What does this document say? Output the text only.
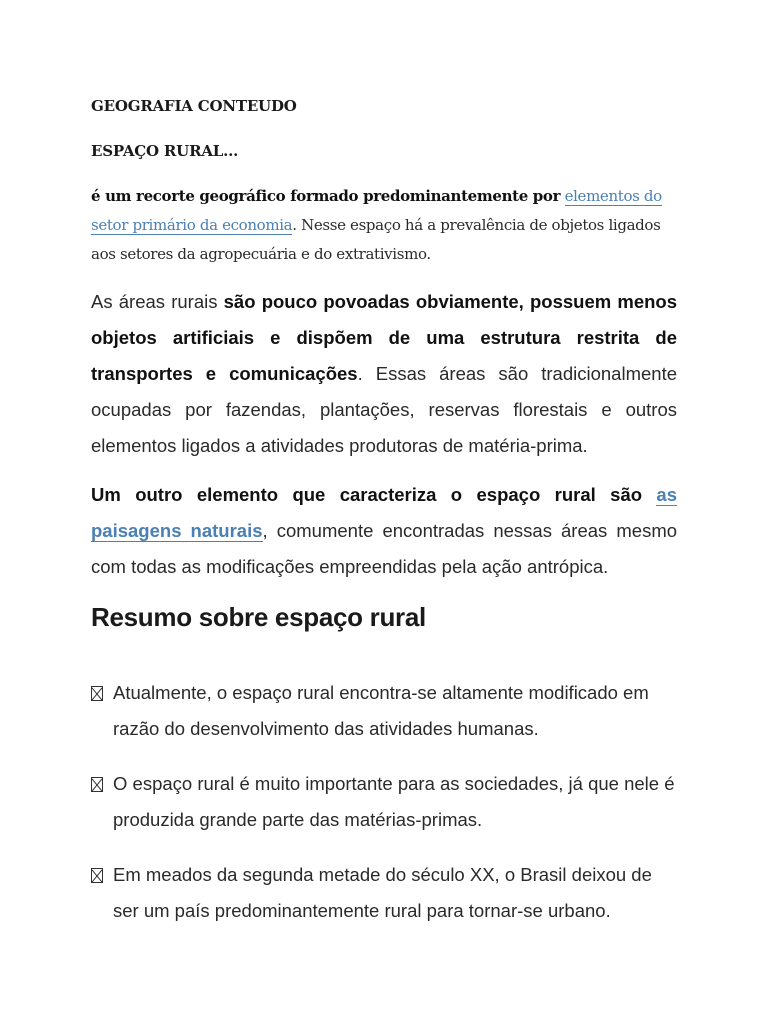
GEOGRAFIA CONTEUDO
ESPAÇO RURAL...

é um recorte geográfico formado predominantemente por elementos do setor primário da economia. Nesse espaço há a prevalência de objetos ligados aos setores da agropecuária e do extrativismo.

As áreas rurais são pouco povoadas obviamente, possuem menos objetos artificiais e dispõem de uma estrutura restrita de transportes e comunicações. Essas áreas são tradicionalmente ocupadas por fazendas, plantações, reservas florestais e outros elementos ligados a atividades produtoras de matéria-prima.

Um outro elemento que caracteriza o espaço rural são as paisagens naturais, comumente encontradas nessas áreas mesmo com todas as modificações empreendidas pela ação antrópica.

Resumo sobre espaço rural
Atualmente, o espaço rural encontra-se altamente modificado em razão do desenvolvimento das atividades humanas.
O espaço rural é muito importante para as sociedades, já que nele é produzida grande parte das matérias-primas.
Em meados da segunda metade do século XX, o Brasil deixou de ser um país predominantemente rural para tornar-se urbano.
